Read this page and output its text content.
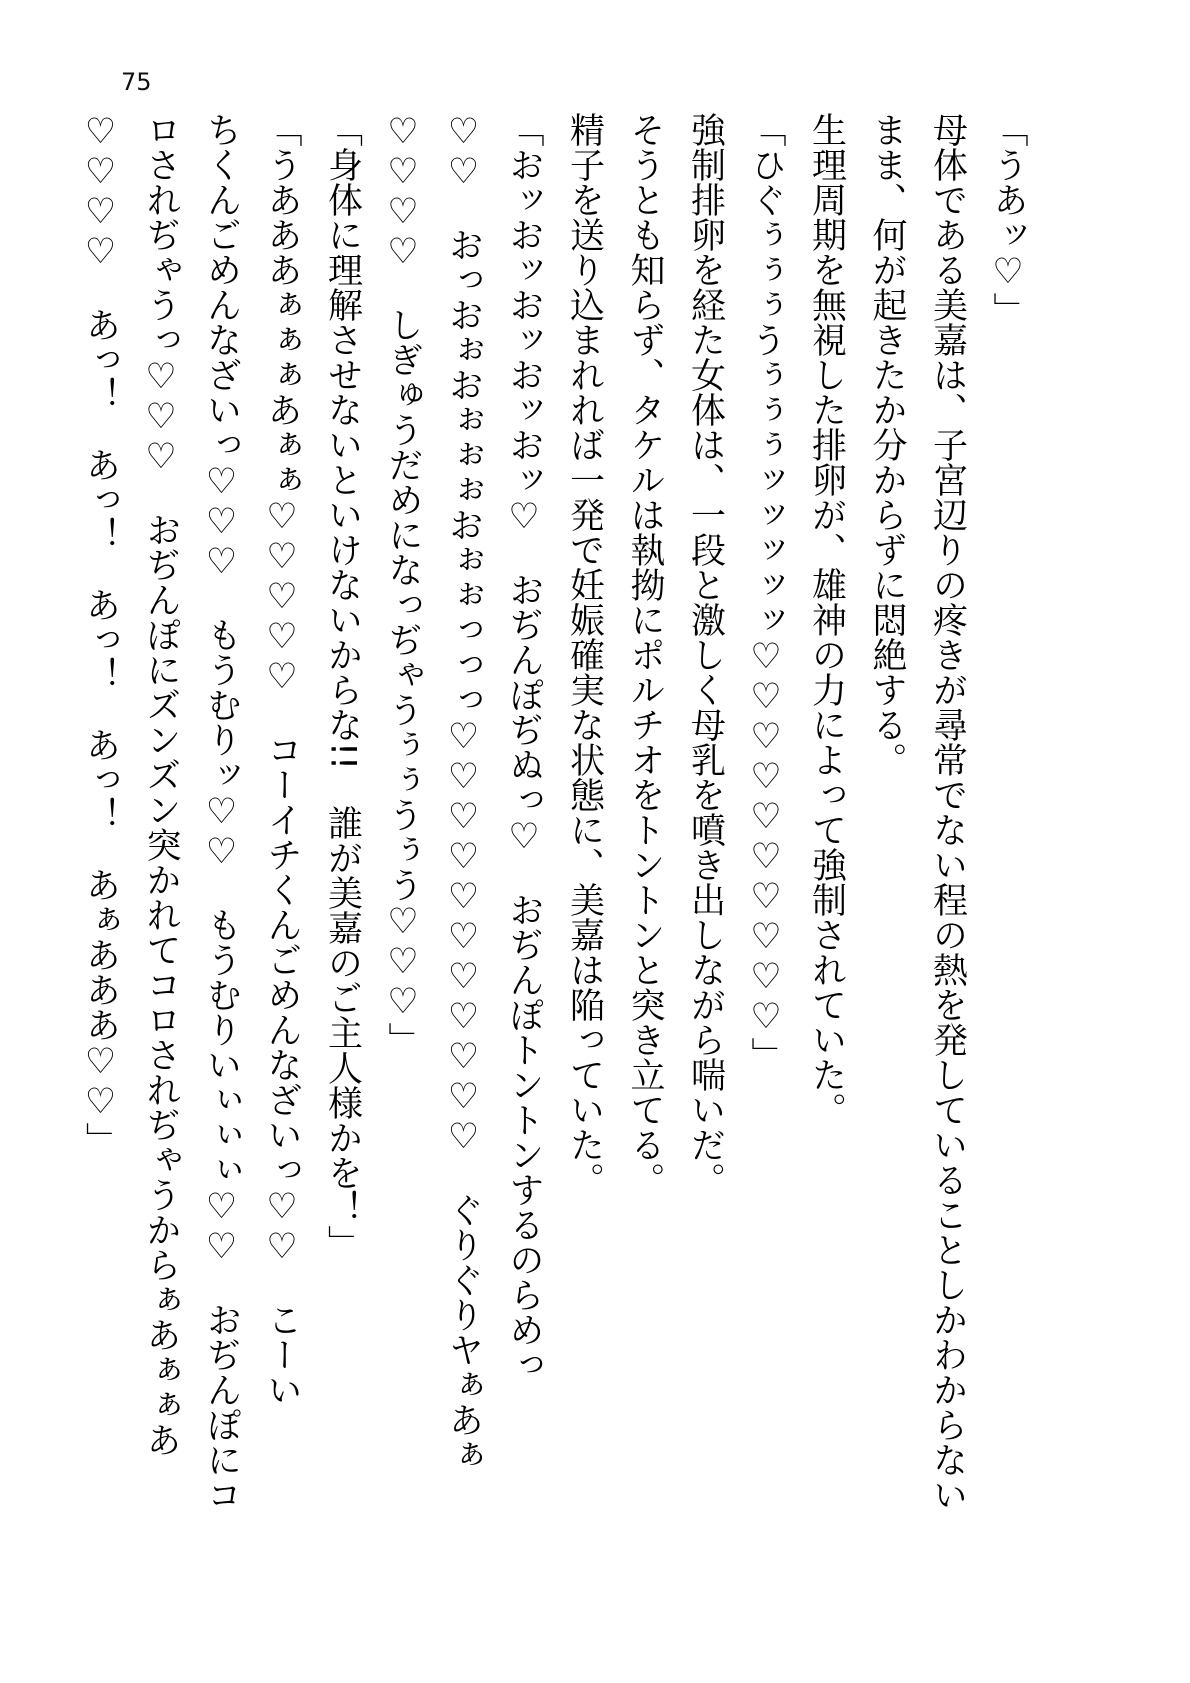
75
「うあッ♡」
母体である美嘉は、子宮辺りの疼きが尋常でない程の熱を発していることしかわからない
まま、何が起きたか分からずに悶絶する。
生理周期を無視した排卵が、雄神の力によって強制されていた。
「ひぐぅぅぅうぅぅぅッッッッッ♡♡♡♡♡♡♡♡♡♡」
強制排卵を経た女体は、一段と激しく母乳を噴き出しながら喘いだ。
そうとも知らず、タケルは執拗にポルチオをトントンと突き立てる。
精子を送り込まれれば一発で妊娠確実な状態に、美嘉は陥っていた。
「おッおッおッおッおッ♡　おぢんぽぢぬっ♡　おぢんぽトントンするのらめっ
♡♡　おっおぉおぉぉぉおぉぉっっっ♡♡♡♡♡♡♡♡♡♡♡　ぐりぐりヤぁあぁ
♡♡♡♡　しぎゅうだめになっぢゃうぅぅうぅう♡♡♡」
「身体に理解させないといけないからな!!　誰が美嘉のご主人様かを！」
「うあああぁぁぁあぁぁ♡♡♡♡♡　コーイチくんごめんなざいっ♡♡　こーい
ちくんごめんなざいっ♡♡♡　もうむりッ♡♡　もうむりいぃぃぃ♡♡　おぢんぽにコ
ロされぢゃうっ♡♡♡　おぢんぽにズンズン突かれてコロされぢゃうからぁあぁぁあ
♡♡♡♡　あっ！　あっ！　あっ！　あっ！　あぁあああ♡♡」
